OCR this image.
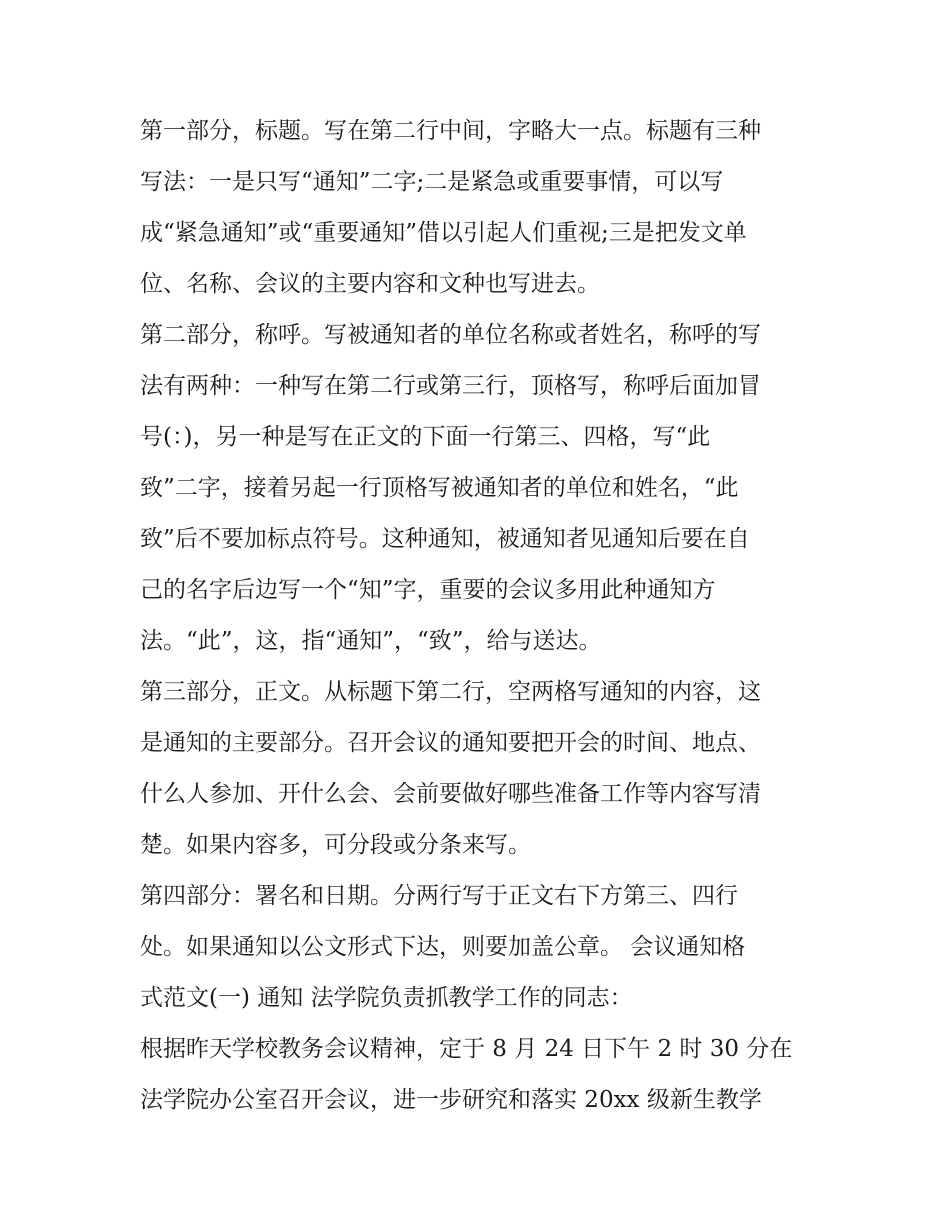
第一部分，标题。写在第二行中间，字略大一点。标题有三种
写法：一是只写“通知”二字;二是紧急或重要事情，可以写
成“紧急通知”或“重要通知”借以引起人们重视;三是把发文单
位、名称、会议的主要内容和文种也写进去。
第二部分，称呼。写被通知者的单位名称或者姓名，称呼的写
法有两种：一种写在第二行或第三行，顶格写，称呼后面加冒
号(：)，另一种是写在正文的下面一行第三、四格，写“此
致”二字，接着另起一行顶格写被通知者的单位和姓名，“此
致”后不要加标点符号。这种通知，被通知者见通知后要在自
己的名字后边写一个“知”字，重要的会议多用此种通知方
法。“此”，这，指“通知”，“致”，给与送达。
第三部分，正文。从标题下第二行，空两格写通知的内容，这
是通知的主要部分。召开会议的通知要把开会的时间、地点、
什么人参加、开什么会、会前要做好哪些准备工作等内容写清
楚。如果内容多，可分段或分条来写。
第四部分：署名和日期。分两行写于正文右下方第三、四行
处。如果通知以公文形式下达，则要加盖公章。 会议通知格
式范文(一) 通知 法学院负责抓教学工作的同志：
根据昨天学校教务会议精神，定于 8 月 24 日下午 2 时 30 分在
法学院办公室召开会议，进一步研究和落实 20xx 级新生教学
